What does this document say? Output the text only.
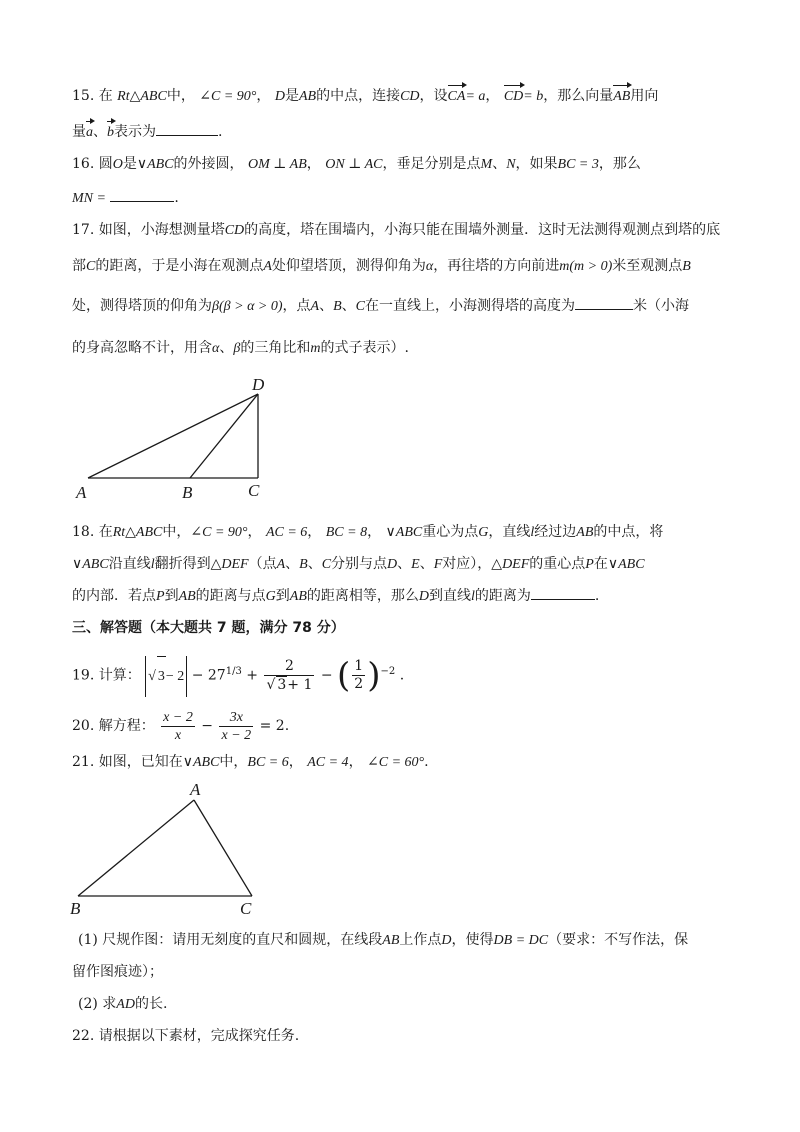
15. 在 Rt△ABC中， ∠C = 90°， D是AB的中点，连接CD，设CA= a， CD= b，那么向量AB用向
量a、b表示为	.
16. 圆O是∨ABC的外接圆， OM ⊥ AB， ON ⊥ AC，垂足分别是点M、N，如果BC = 3，那么
MN =	.
17. 如图，小海想测量塔CD的高度，塔在围墙内，小海只能在围墙外测量．这时无法测得观测点到塔的底
部C的距离，于是小海在观测点A处仰望塔顶，测得仰角为α，再往塔的方向前进m(m > 0)米至观测点B
处，测得塔顶的仰角为β(β > α > 0)，点A、B、C在一直线上，小海测得塔的高度为	米（小海
的身高忽略不计，用含α、β的三角比和m的式子表示）.
A	B	C
D
18. 在Rt△ABC中，∠C = 90°， AC = 6， BC = 8， ∨ABC重心为点G，直线l经过边AB的中点，将
∨ABC沿直线l翻折得到△DEF（点A、B、C分别与点D、E、F对应），△DEF的重心点P在∨ABC
的内部．若点P到AB的距离与点G到AB的距离相等，那么D到直线l的距离为	.
三、解答题（本大题共 7 题，满分 78 分）
19. 计算： √ $3- 2 - 27^{1/3} + \frac{2}{√ 3+ 1}$ − ( $\frac{1}{2} )^{-2}$ .
20. 解方程： $\frac{x - 2}{x} - \frac{3x}{x - 2} = 2$.
21. 如图，已知在∨ABC中，BC = 6， AC = 4， ∠C = 60°.
A
B	C
(1) 尺规作图：请用无刻度的直尺和圆规，在线段AB上作点D，使得DB = DC（要求：不写作法，保
留作图痕迹）；
(2) 求AD的长.
22. 请根据以下素材，完成探究任务.
